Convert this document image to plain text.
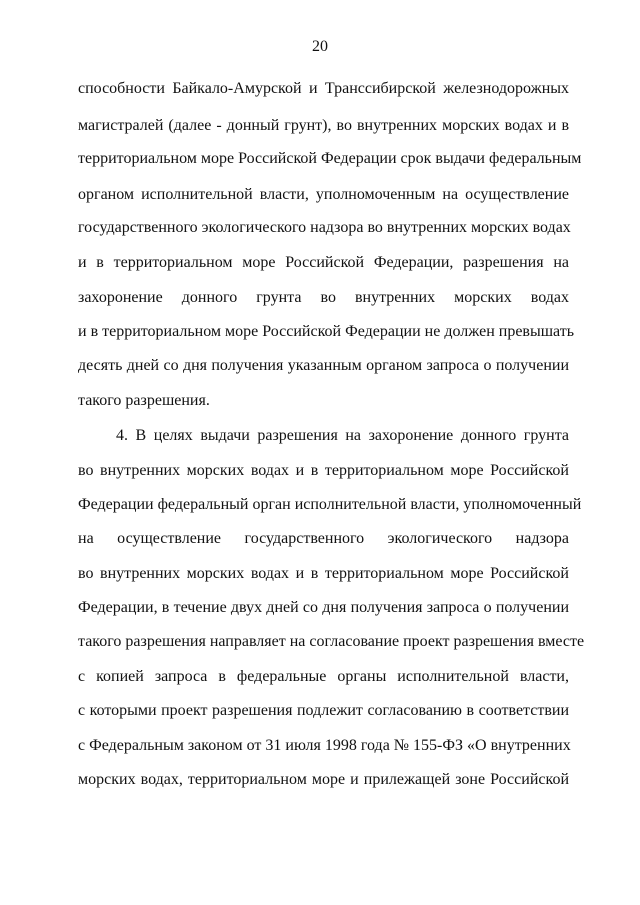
20
способности Байкало-Амурской и Транссибирской железнодорожных
магистралей (далее - донный грунт), во внутренних морских водах и в
территориальном море Российской Федерации срок выдачи федеральным
органом исполнительной власти, уполномоченным на осуществление
государственного экологического надзора во внутренних морских водах
и в территориальном море Российской Федерации, разрешения на
захоронение донного грунта во внутренних морских водах
и в территориальном море Российской Федерации не должен превышать
десять дней со дня получения указанным органом запроса о получении
такого разрешения.
4. В целях выдачи разрешения на захоронение донного грунта
во внутренних морских водах и в территориальном море Российской
Федерации федеральный орган исполнительной власти, уполномоченный
на осуществление государственного экологического надзора
во внутренних морских водах и в территориальном море Российской
Федерации, в течение двух дней со дня получения запроса о получении
такого разрешения направляет на согласование проект разрешения вместе
с копией запроса в федеральные органы исполнительной власти,
с которыми проект разрешения подлежит согласованию в соответствии
с Федеральным законом от 31 июля 1998 года № 155-ФЗ «О внутренних
морских водах, территориальном море и прилежащей зоне Российской
